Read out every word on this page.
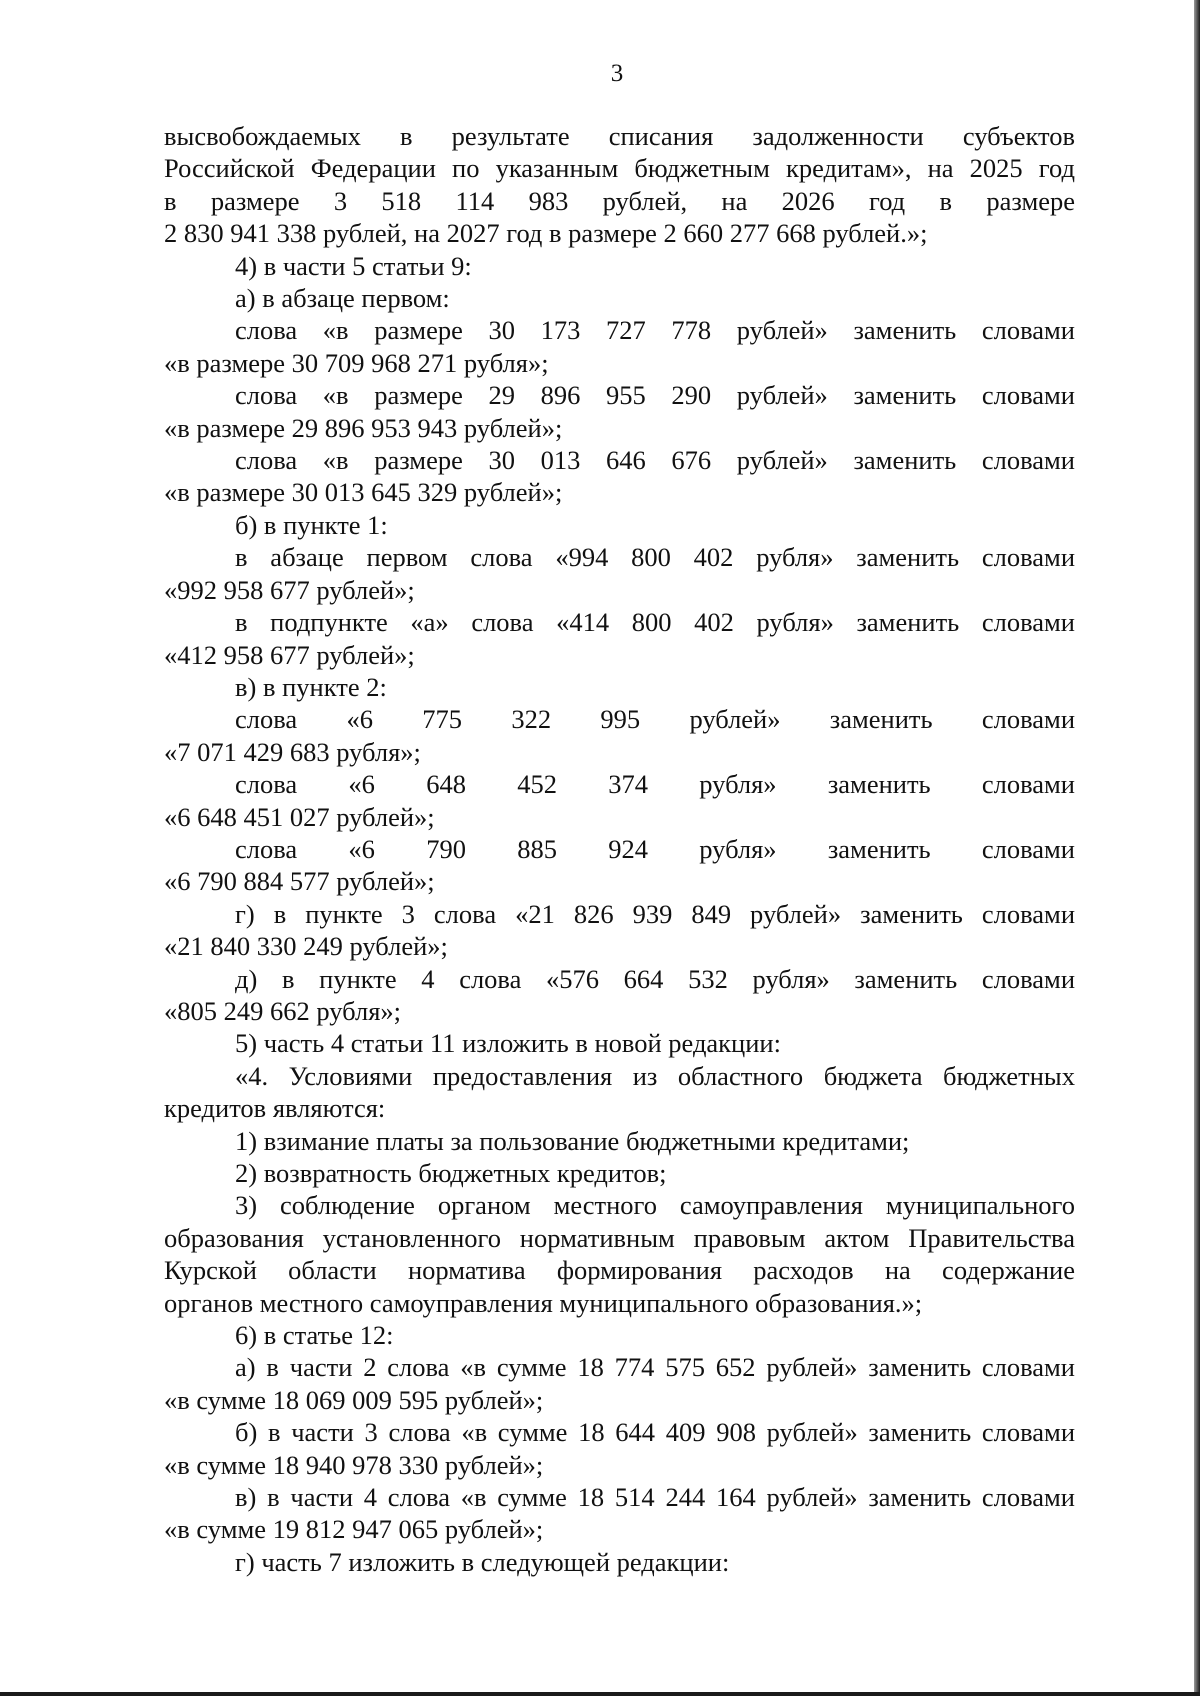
3

высвобождаемых в результате списания задолженности субъектов

Российской Федерации по указанным бюджетным кредитам», на 2025 год

в размере 3 518 114 983 рублей, на 2026 год в размере

2 830 941 338 рублей, на 2027 год в размере 2 660 277 668 рублей.»;

4) в части 5 статьи 9:

а) в абзаце первом:

слова «в размере 30 173 727 778 рублей» заменить словами

«в размере 30 709 968 271 рубля»;

слова «в размере 29 896 955 290 рублей» заменить словами

«в размере 29 896 953 943 рублей»;

слова «в размере 30 013 646 676 рублей» заменить словами

«в размере 30 013 645 329 рублей»;

б) в пункте 1:

в абзаце первом слова «994 800 402 рубля» заменить словами

«992 958 677 рублей»;

в подпункте «а» слова «414 800 402 рубля» заменить словами

«412 958 677 рублей»;

в) в пункте 2:

слова «6 775 322 995 рублей» заменить словами

«7 071 429 683 рубля»;

слова «6 648 452 374 рубля» заменить словами

«6 648 451 027 рублей»;

слова «6 790 885 924 рубля» заменить словами

«6 790 884 577 рублей»;

г) в пункте 3 слова «21 826 939 849 рублей» заменить словами

«21 840 330 249 рублей»;

д) в пункте 4 слова «576 664 532 рубля» заменить словами

«805 249 662 рубля»;

5) часть 4 статьи 11 изложить в новой редакции:

«4. Условиями предоставления из областного бюджета бюджетных

кредитов являются:

1) взимание платы за пользование бюджетными кредитами;

2) возвратность бюджетных кредитов;

3) соблюдение органом местного самоуправления муниципального

образования установленного нормативным правовым актом Правительства

Курской области норматива формирования расходов на содержание

органов местного самоуправления муниципального образования.»;

6) в статье 12:

а) в части 2 слова «в сумме 18 774 575 652 рублей» заменить словами

«в сумме 18 069 009 595 рублей»;

б) в части 3 слова «в сумме 18 644 409 908 рублей» заменить словами

«в сумме 18 940 978 330 рублей»;

в) в части 4 слова «в сумме 18 514 244 164 рублей» заменить словами

«в сумме 19 812 947 065 рублей»;

г) часть 7 изложить в следующей редакции:
